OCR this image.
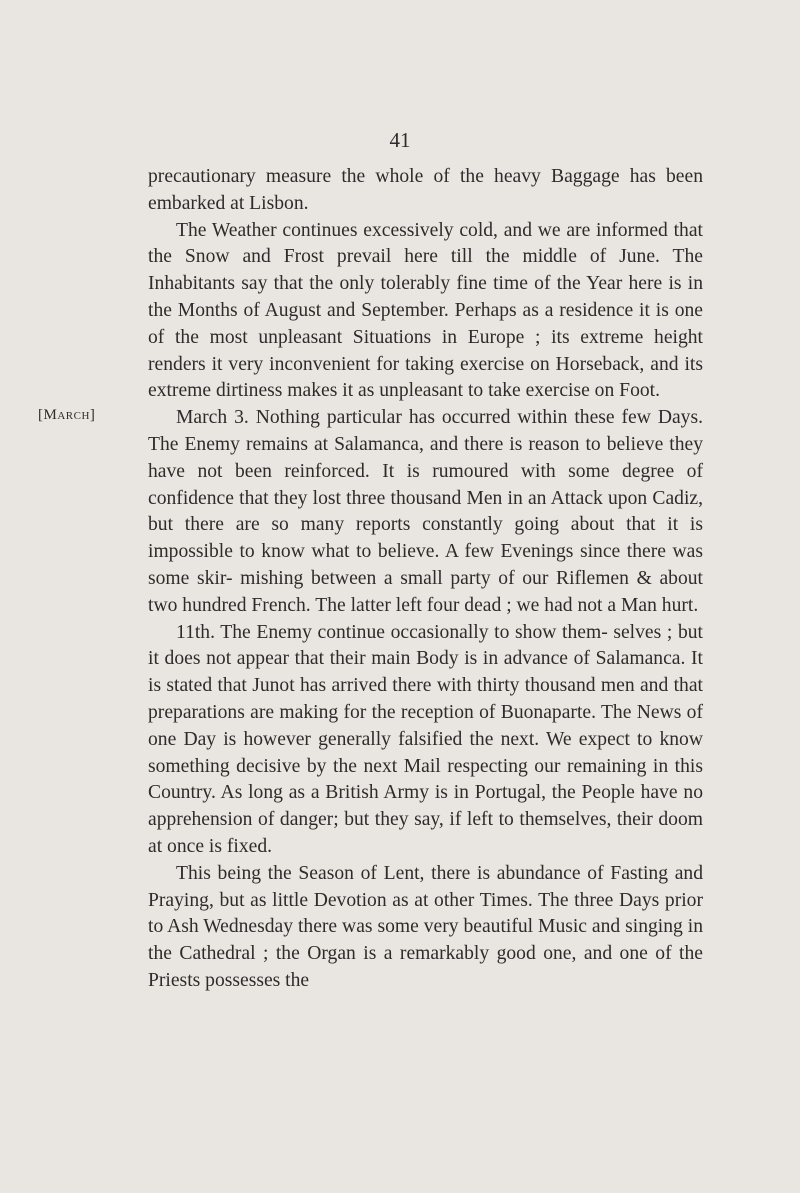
41
[March]

precautionary measure the whole of the heavy Baggage has been embarked at Lisbon.

The Weather continues excessively cold, and we are informed that the Snow and Frost prevail here till the middle of June. The Inhabitants say that the only tolerably fine time of the Year here is in the Months of August and September. Perhaps as a residence it is one of the most unpleasant Situations in Europe ; its extreme height renders it very inconvenient for taking exercise on Horseback, and its extreme dirtiness makes it as unpleasant to take exercise on Foot.

March 3. Nothing particular has occurred within these few Days. The Enemy remains at Salamanca, and there is reason to believe they have not been reinforced. It is rumoured with some degree of confidence that they lost three thousand Men in an Attack upon Cadiz, but there are so many reports constantly going about that it is impossible to know what to believe. A few Evenings since there was some skir- mishing between a small party of our Riflemen & about two hundred French. The latter left four dead ; we had not a Man hurt.

11th. The Enemy continue occasionally to show them- selves ; but it does not appear that their main Body is in advance of Salamanca. It is stated that Junot has arrived there with thirty thousand men and that preparations are making for the reception of Buonaparte. The News of one Day is however generally falsified the next. We expect to know something decisive by the next Mail respecting our remaining in this Country. As long as a British Army is in Portugal, the People have no apprehension of danger; but they say, if left to themselves, their doom at once is fixed.

This being the Season of Lent, there is abundance of Fasting and Praying, but as little Devotion as at other Times. The three Days prior to Ash Wednesday there was some very beautiful Music and singing in the Cathedral ; the Organ is a remarkably good one, and one of the Priests possesses the
